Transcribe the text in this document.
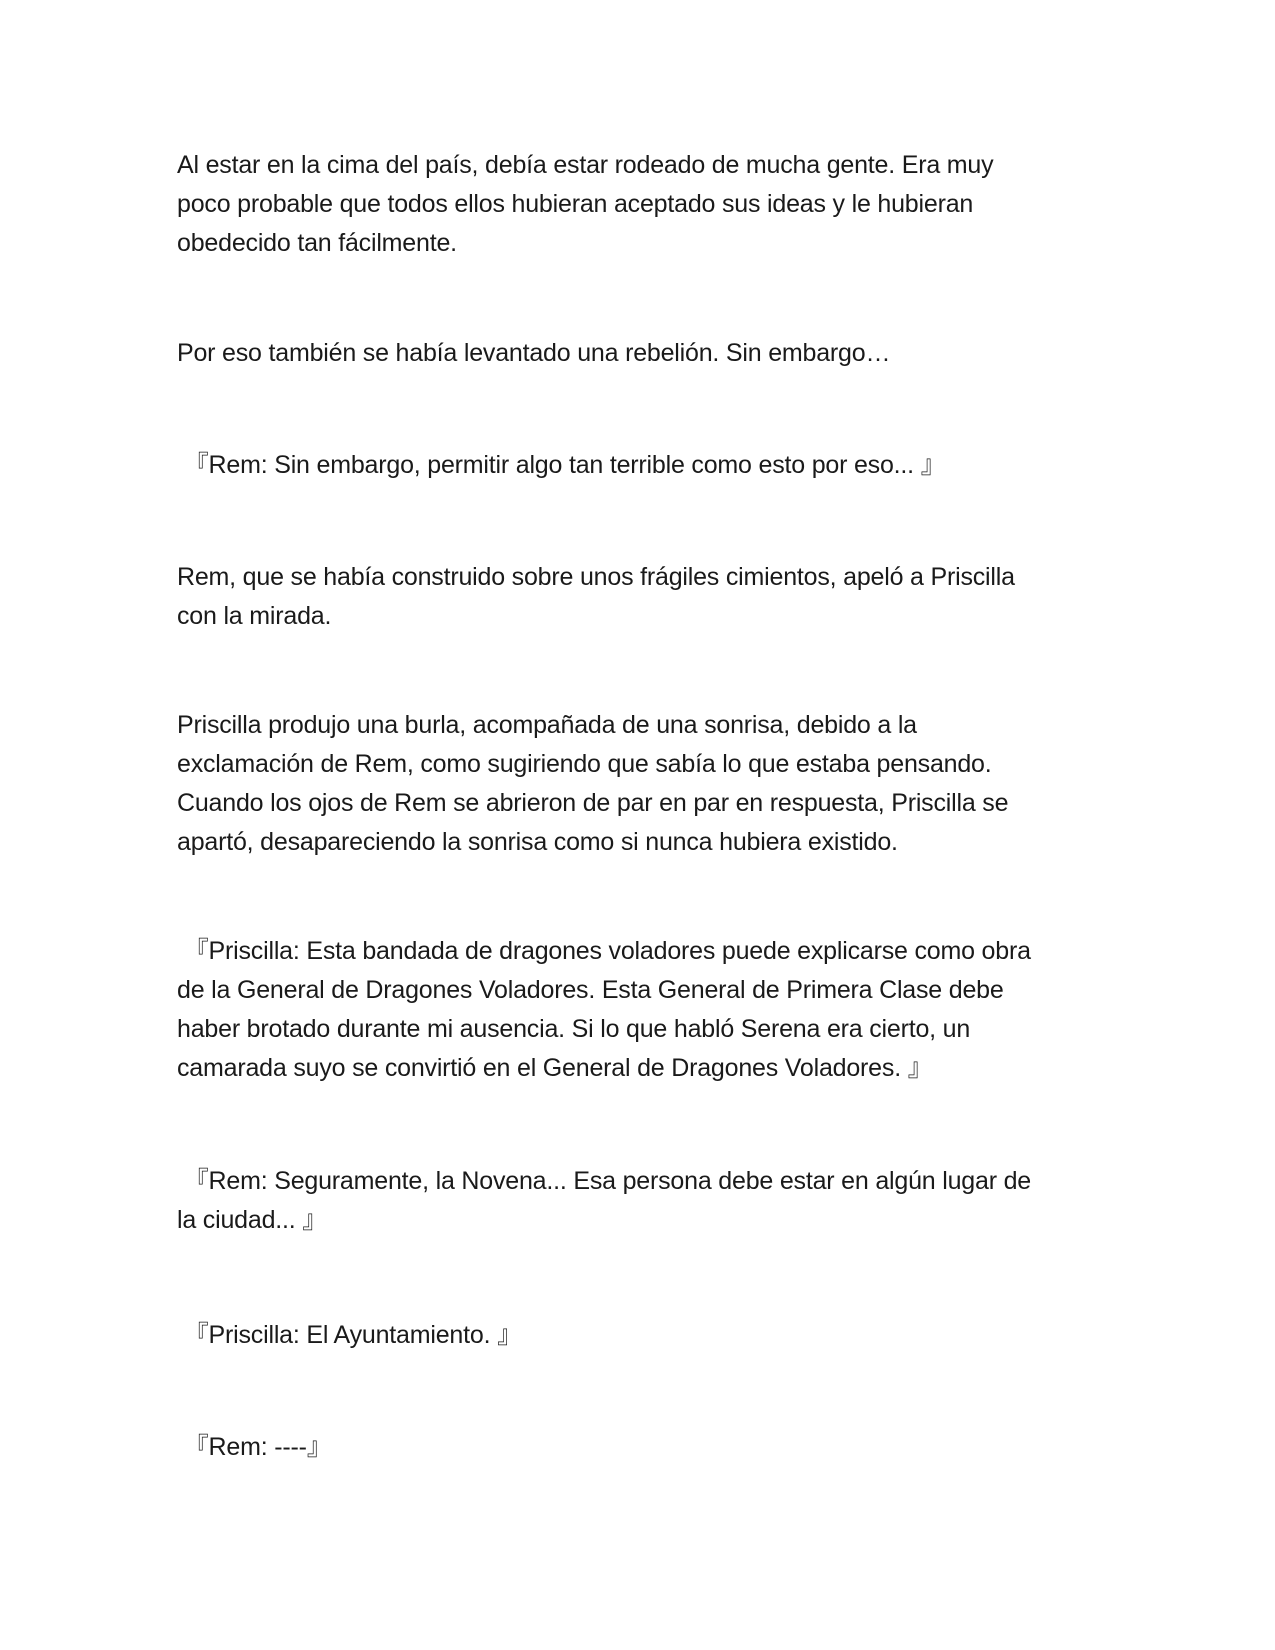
Al estar en la cima del país, debía estar rodeado de mucha gente. Era muy
poco probable que todos ellos hubieran aceptado sus ideas y le hubieran
obedecido tan fácilmente.

Por eso también se había levantado una rebelión. Sin embargo…

『Rem: Sin embargo, permitir algo tan terrible como esto por eso... 』

Rem, que se había construido sobre unos frágiles cimientos, apeló a Priscilla
con la mirada.

Priscilla produjo una burla, acompañada de una sonrisa, debido a la
exclamación de Rem, como sugiriendo que sabía lo que estaba pensando.
Cuando los ojos de Rem se abrieron de par en par en respuesta, Priscilla se
apartó, desapareciendo la sonrisa como si nunca hubiera existido.

『Priscilla: Esta bandada de dragones voladores puede explicarse como obra
de la General de Dragones Voladores. Esta General de Primera Clase debe
haber brotado durante mi ausencia. Si lo que habló Serena era cierto, un
camarada suyo se convirtió en el General de Dragones Voladores. 』

『Rem: Seguramente, la Novena... Esa persona debe estar en algún lugar de
la ciudad... 』

『Priscilla: El Ayuntamiento. 』

『Rem: ----』
